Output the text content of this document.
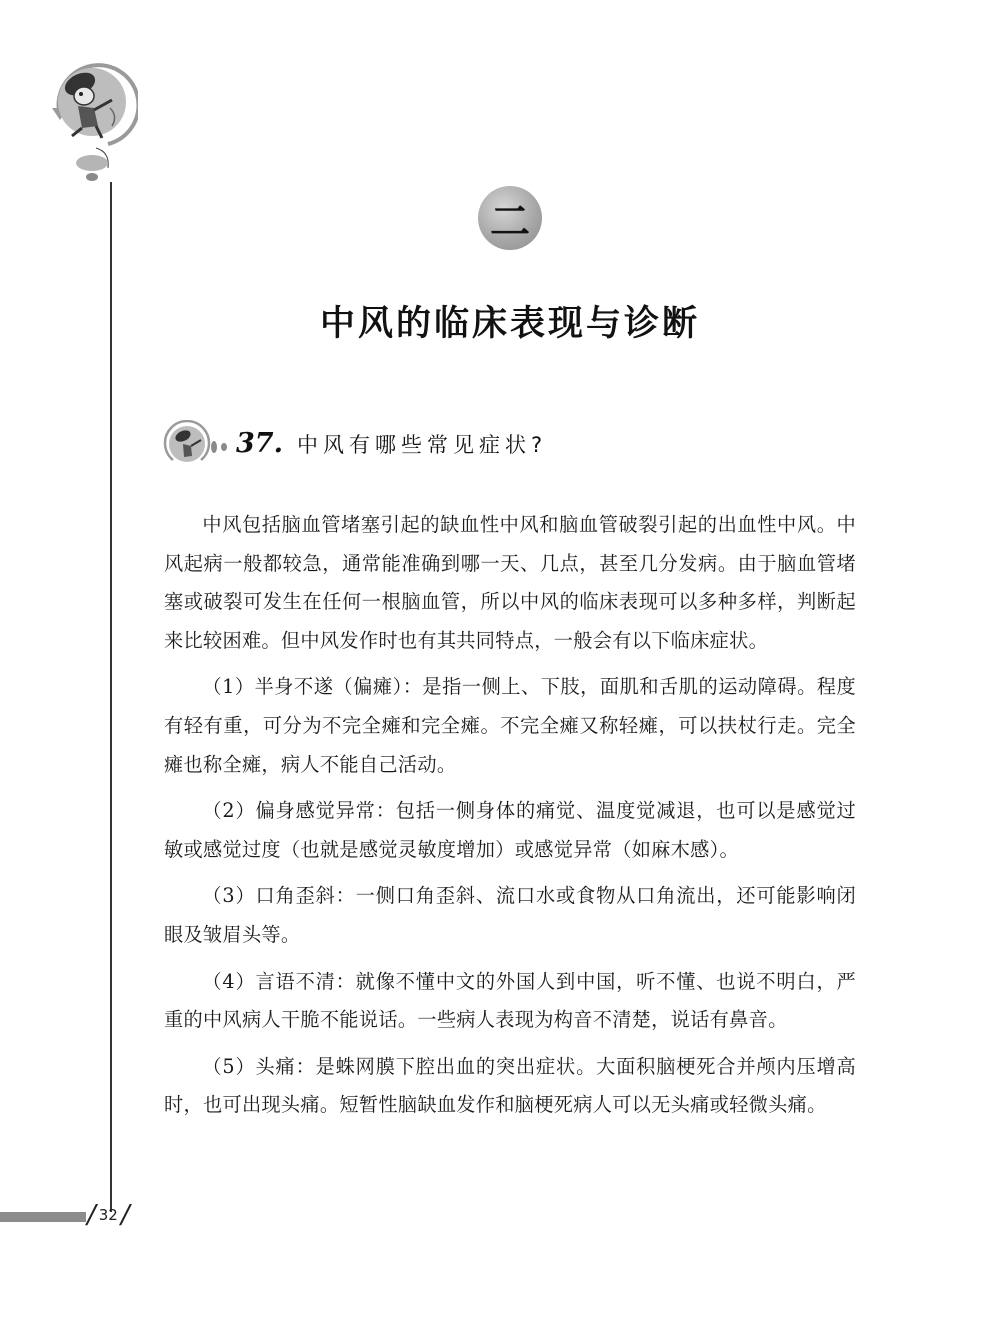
二
中风的临床表现与诊断
37. 中风有哪些常见症状?

中风包括脑血管堵塞引起的缺血性中风和脑血管破裂引起的出血性中风。中风起病一般都较急，通常能准确到哪一天、几点，甚至几分发病。由于脑血管堵塞或破裂可发生在任何一根脑血管，所以中风的临床表现可以多种多样，判断起来比较困难。但中风发作时也有其共同特点，一般会有以下临床症状。

（1）半身不遂（偏瘫）：是指一侧上、下肢，面肌和舌肌的运动障碍。程度有轻有重，可分为不完全瘫和完全瘫。不完全瘫又称轻瘫，可以扶杖行走。完全瘫也称全瘫，病人不能自己活动。

（2）偏身感觉异常：包括一侧身体的痛觉、温度觉减退，也可以是感觉过敏或感觉过度（也就是感觉灵敏度增加）或感觉异常（如麻木感）。

（3）口角歪斜：一侧口角歪斜、流口水或食物从口角流出，还可能影响闭眼及皱眉头等。

（4）言语不清：就像不懂中文的外国人到中国，听不懂、也说不明白，严重的中风病人干脆不能说话。一些病人表现为构音不清楚，说话有鼻音。

（5）头痛：是蛛网膜下腔出血的突出症状。大面积脑梗死合并颅内压增高时，也可出现头痛。短暂性脑缺血发作和脑梗死病人可以无头痛或轻微头痛。

/ 32 /
